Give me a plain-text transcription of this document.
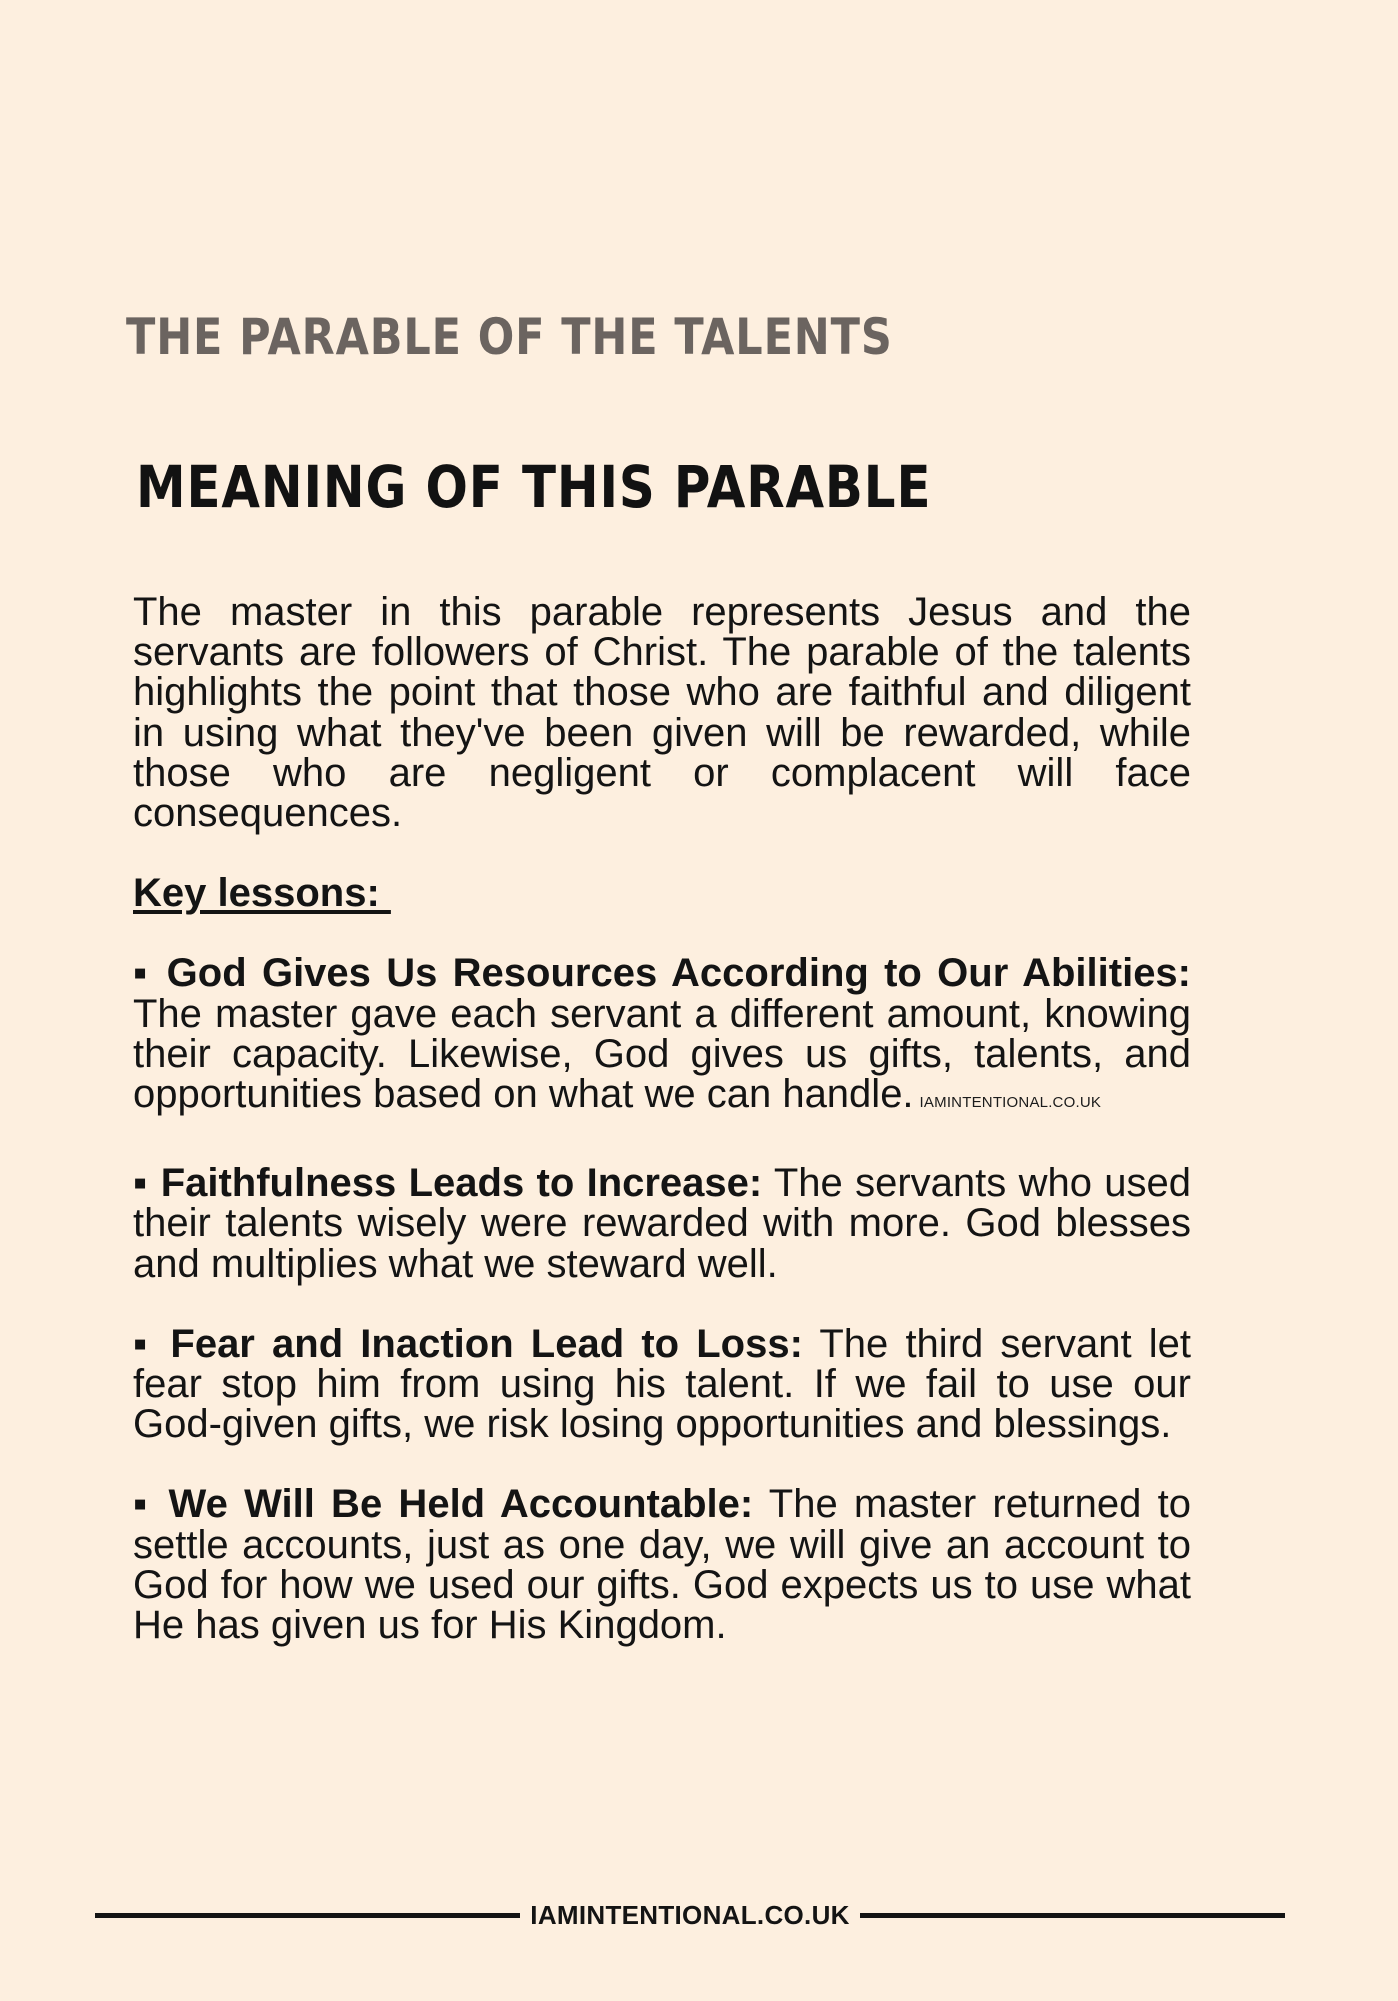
THE PARABLE OF THE TALENTS
MEANING OF THIS PARABLE

The master in this parable represents Jesus and the servants are followers of Christ. The parable of the talents highlights the point that those who are faithful and diligent in using what they've been given will be rewarded, while those who are negligent or complacent will face consequences.

Key lessons:

▪ God Gives Us Resources According to Our Abilities: The master gave each servant a different amount, knowing their capacity. Likewise, God gives us gifts, talents, and opportunities based on what we can handle. IAMINTENTIONAL.CO.UK

▪ Faithfulness Leads to Increase: The servants who used their talents wisely were rewarded with more. God blesses and multiplies what we steward well.

▪ Fear and Inaction Lead to Loss: The third servant let fear stop him from using his talent. If we fail to use our God-given gifts, we risk losing opportunities and blessings.

▪ We Will Be Held Accountable: The master returned to settle accounts, just as one day, we will give an account to God for how we used our gifts. God expects us to use what He has given us for His Kingdom.

IAMINTENTIONAL.CO.UK
